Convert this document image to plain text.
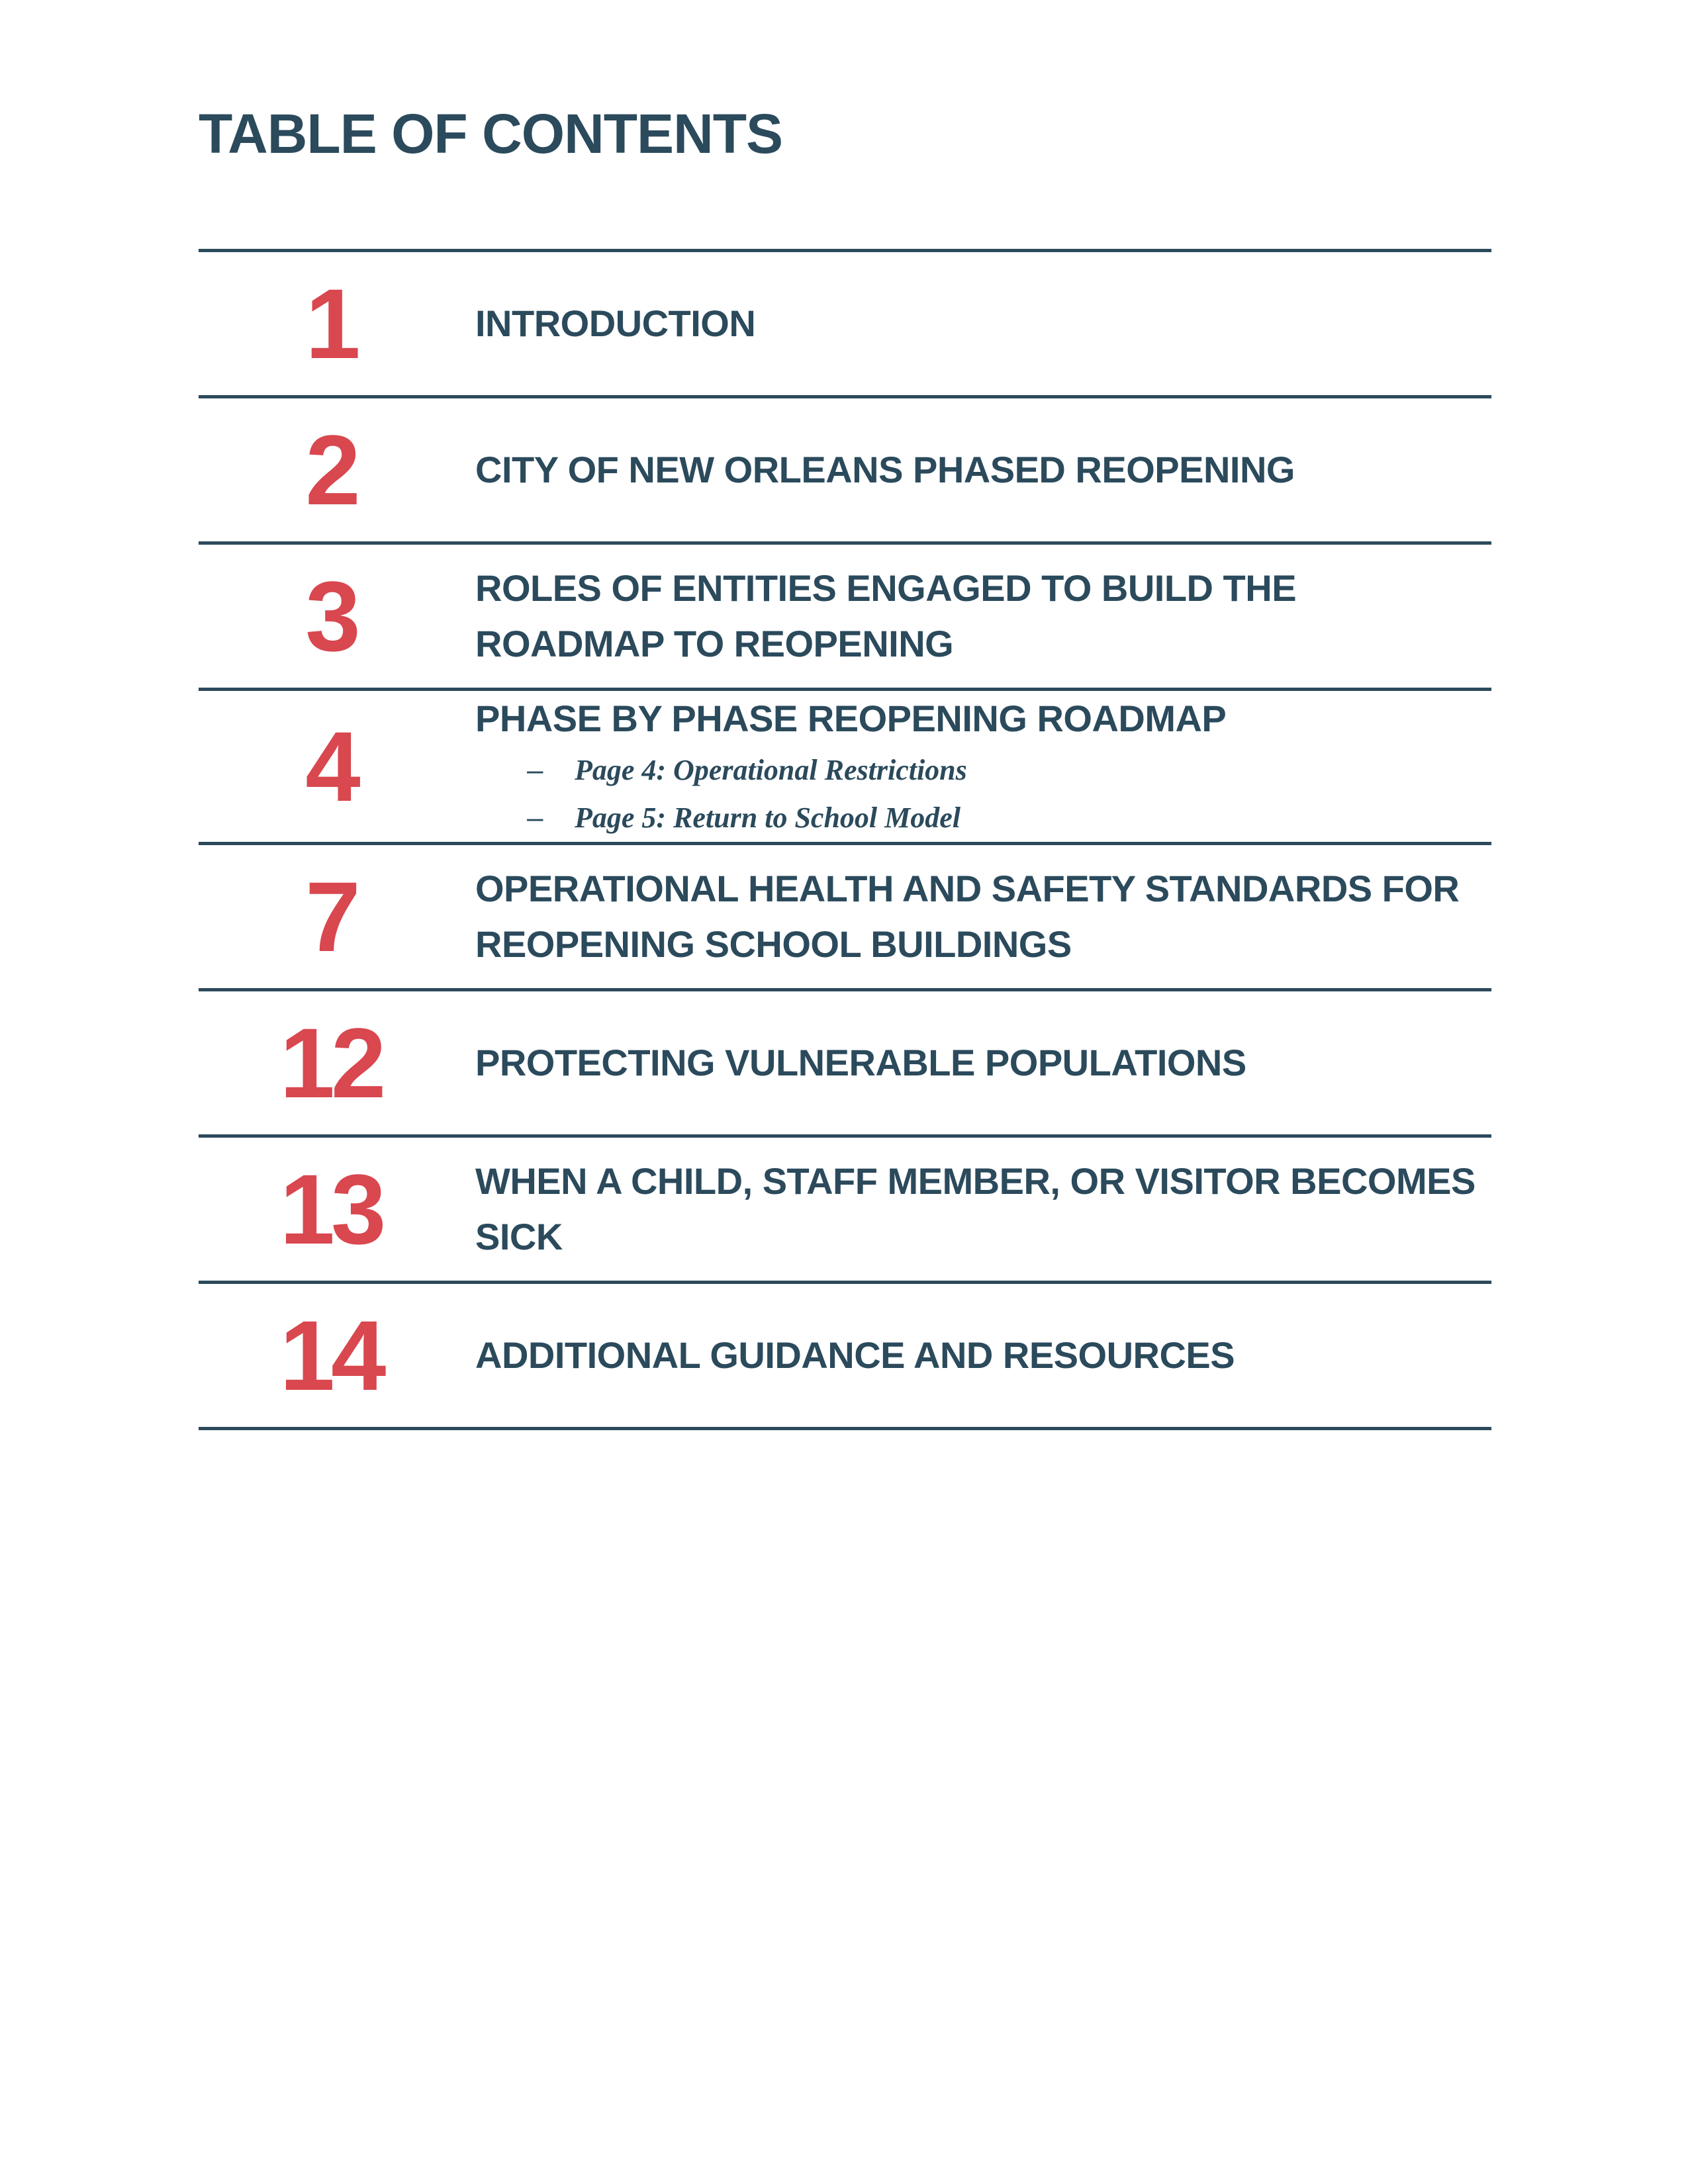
TABLE OF CONTENTS
1	INTRODUCTION
2	CITY OF NEW ORLEANS PHASED REOPENING
3	ROLES OF ENTITIES ENGAGED TO BUILD THE ROADMAP TO REOPENING
4	PHASE BY PHASE REOPENING ROADMAP
– Page 4: Operational Restrictions
– Page 5: Return to School Model
7	OPERATIONAL HEALTH AND SAFETY STANDARDS FOR REOPENING SCHOOL BUILDINGS
12	PROTECTING VULNERABLE POPULATIONS
13	WHEN A CHILD, STAFF MEMBER, OR VISITOR BECOMES SICK
14	ADDITIONAL GUIDANCE AND RESOURCES
